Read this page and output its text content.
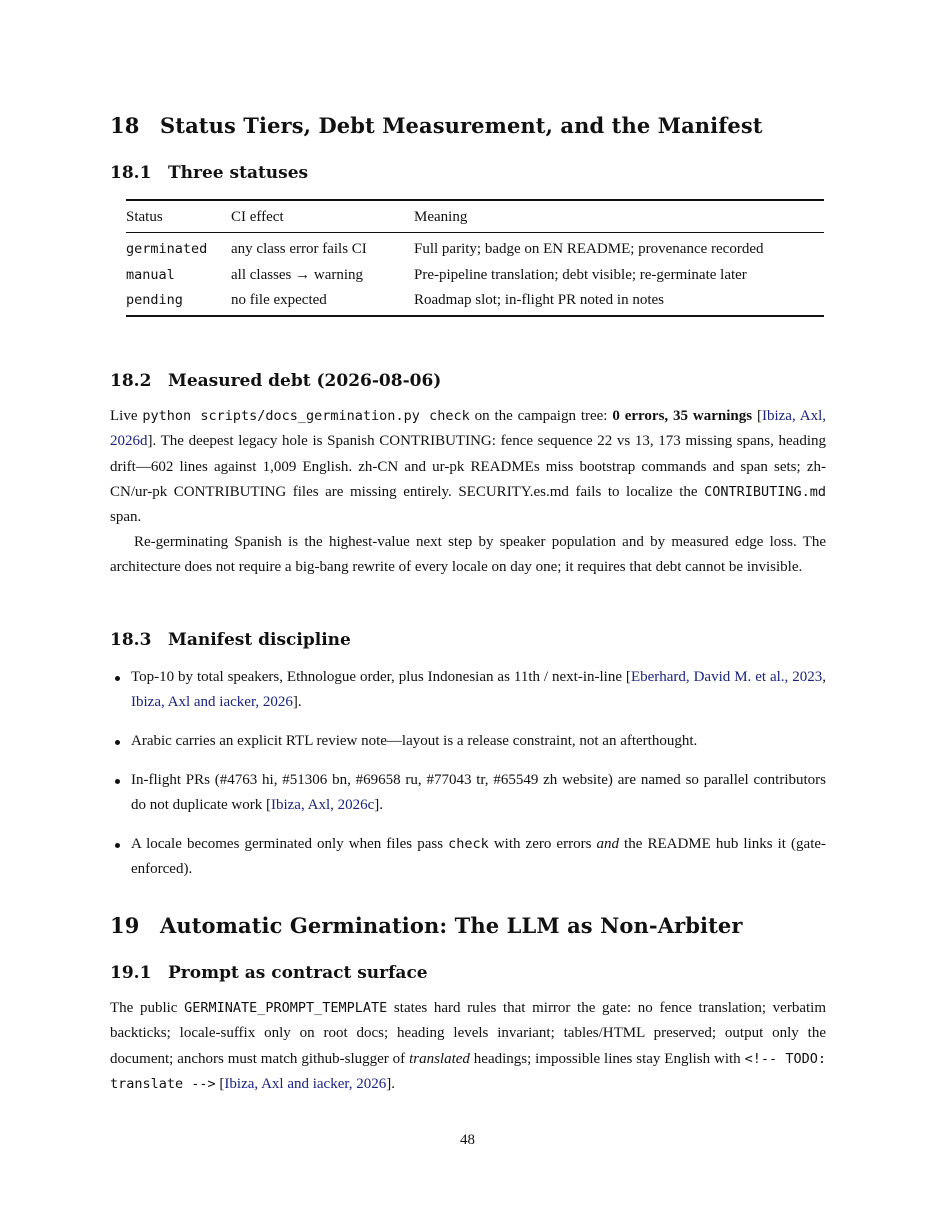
18 Status Tiers, Debt Measurement, and the Manifest
18.1 Three statuses
Status	CI effect	Meaning
germinated	any class error fails CI	Full parity; badge on EN README; provenance recorded
manual	all classes → warning	Pre-pipeline translation; debt visible; re-germinate later
pending	no file expected	Roadmap slot; in-flight PR noted in notes
18.2 Measured debt (2026-08-06)

Live python scripts/docs_germination.py check on the campaign tree: 0 errors, 35 warnings [Ibiza, Axl, 2026d]. The deepest legacy hole is Spanish CONTRIBUTING: fence sequence 22 vs 13, 173 missing spans, heading drift—602 lines against 1,009 English. zh-CN and ur-pk READMEs miss bootstrap commands and span sets; zh-CN/ur-pk CONTRIBUTING files are missing entirely. SECURITY.es.md fails to localize the CONTRIBUTING.md span.

Re-germinating Spanish is the highest-value next step by speaker population and by measured edge loss. The architecture does not require a big-bang rewrite of every locale on day one; it requires that debt cannot be invisible.

18.3 Manifest discipline

Top-10 by total speakers, Ethnologue order, plus Indonesian as 11th / next-in-line [Eberhard, David M. et al., 2023, Ibiza, Axl and iacker, 2026].

Arabic carries an explicit RTL review note—layout is a release constraint, not an afterthought.

In-flight PRs (#4763 hi, #51306 bn, #69658 ru, #77043 tr, #65549 zh website) are named so parallel contributors do not duplicate work [Ibiza, Axl, 2026c].

A locale becomes germinated only when files pass check with zero errors and the README hub links it (gate-enforced).

19 Automatic Germination: The LLM as Non-Arbiter
19.1 Prompt as contract surface

The public GERMINATE_PROMPT_TEMPLATE states hard rules that mirror the gate: no fence translation; verbatim backticks; locale-suffix only on root docs; heading levels invariant; tables/HTML preserved; output only the document; anchors must match github-slugger of translated headings; impossible lines stay English with <!-- TODO: translate --> [Ibiza, Axl and iacker, 2026].

48
